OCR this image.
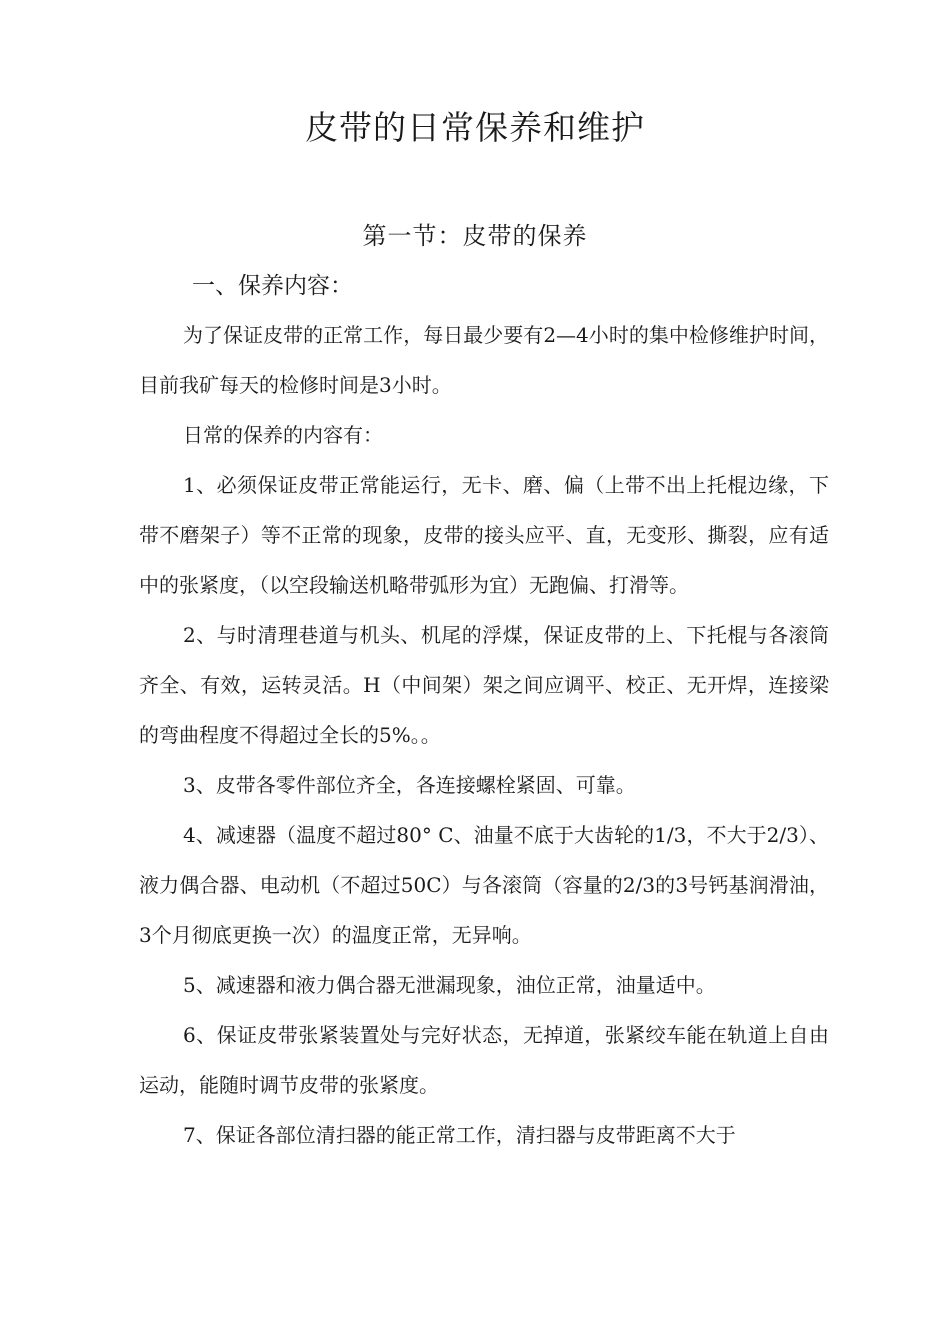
皮带的日常保养和维护
第一节：皮带的保养
一、保养内容：

为了保证皮带的正常工作，每日最少要有2—4小时的集中检修维护时间，目前我矿每天的检修时间是3小时。

日常的保养的内容有：

1、必须保证皮带正常能运行，无卡、磨、偏（上带不出上托棍边缘，下带不磨架子）等不正常的现象，皮带的接头应平、直，无变形、撕裂，应有适中的张紧度，（以空段输送机略带弧形为宜）无跑偏、打滑等。

2、与时清理巷道与机头、机尾的浮煤，保证皮带的上、下托棍与各滚筒齐全、有效，运转灵活。H（中间架）架之间应调平、校正、无开焊，连接梁的弯曲程度不得超过全长的5%。。

3、皮带各零件部位齐全，各连接螺栓紧固、可靠。

4、减速器（温度不超过80° C、油量不底于大齿轮的1/3，不大于2/3）、液力偶合器、电动机（不超过50C）与各滚筒（容量的2/3的3号钙基润滑油，3个月彻底更换一次）的温度正常，无异响。

5、减速器和液力偶合器无泄漏现象，油位正常，油量适中。

6、保证皮带张紧装置处与完好状态，无掉道，张紧绞车能在轨道上自由运动，能随时调节皮带的张紧度。

7、保证各部位清扫器的能正常工作，清扫器与皮带距离不大于
